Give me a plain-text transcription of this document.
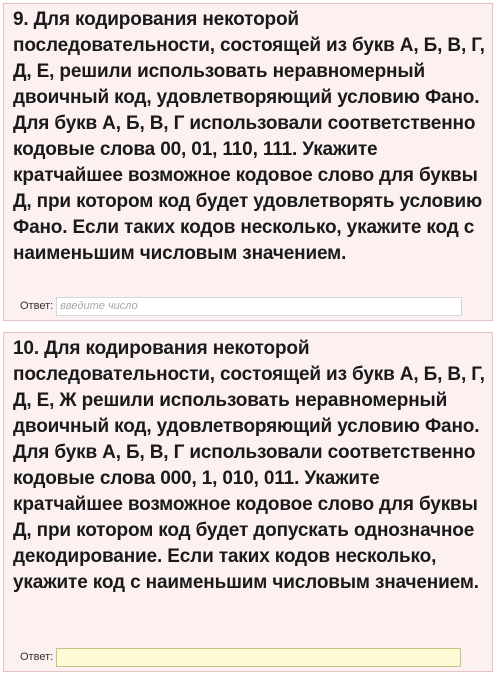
9. Для кодирования некоторой последовательности, состоящей из букв А, Б, В, Г, Д, Е, решили использовать неравномерный двоичный код, удовлетворяющий условию Фано. Для букв А, Б, В, Г использовали соответственно кодовые слова 00, 01, 110, 111. Укажите кратчайшее возможное кодовое слово для буквы Д, при котором код будет удовлетворять условию Фано. Если таких кодов несколько, укажите код с наименьшим числовым значением.

Ответ:
введите число

10. Для кодирования некоторой последовательности, состоящей из букв А, Б, В, Г, Д, Е, Ж решили использовать неравномерный двоичный код, удовлетворяющий условию Фано. Для букв А, Б, В, Г использовали соответственно кодовые слова 000, 1, 010, 011. Укажите кратчайшее возможное кодовое слово для буквы Д, при котором код будет допускать однозначное декодирование. Если таких кодов несколько, укажите код с наименьшим числовым значением.

Ответ:
